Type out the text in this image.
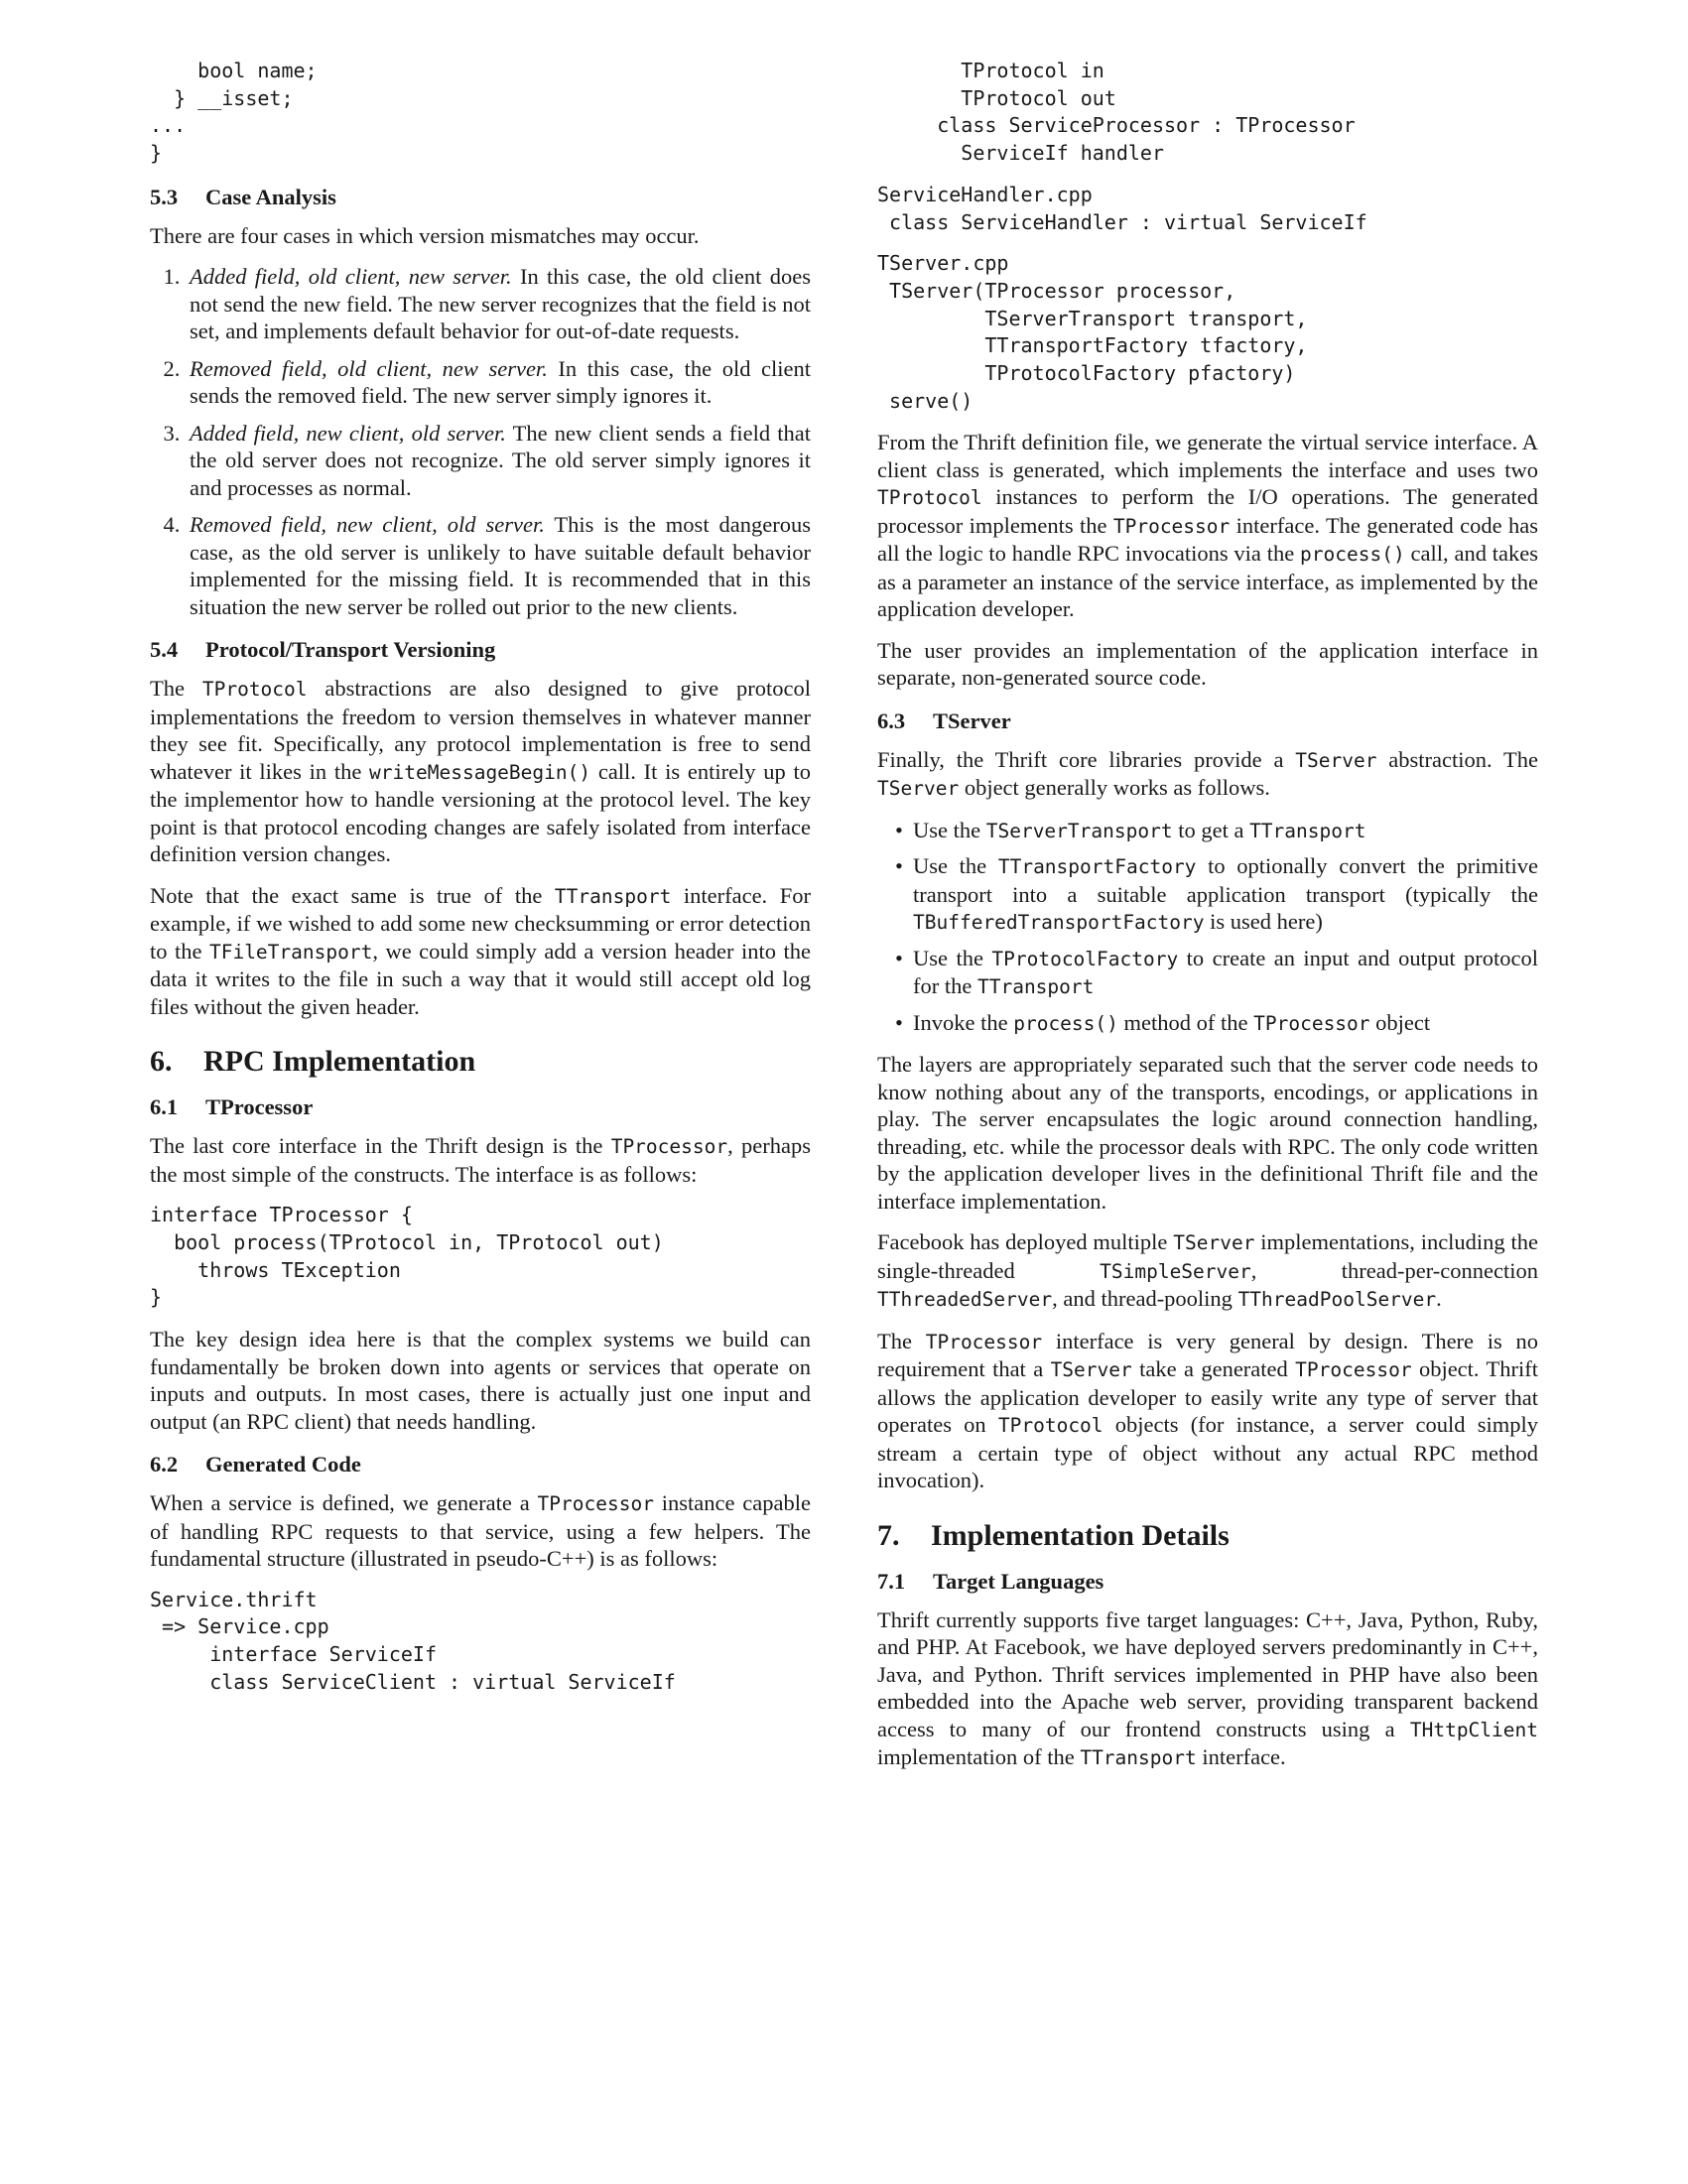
bool name;
} __isset;
...
}
5.3 Case Analysis

There are four cases in which version mismatches may occur.

1. Added field, old client, new server. In this case, the old client does not send the new field. The new server recognizes that the field is not set, and implements default behavior for out-of-date requests.
2. Removed field, old client, new server. In this case, the old client sends the removed field. The new server simply ignores it.
3. Added field, new client, old server. The new client sends a field that the old server does not recognize. The old server simply ignores it and processes as normal.
4. Removed field, new client, old server. This is the most dangerous case, as the old server is unlikely to have suitable default behavior implemented for the missing field. It is recommended that in this situation the new server be rolled out prior to the new clients.
5.4 Protocol/Transport Versioning

The TProtocol abstractions are also designed to give protocol implementations the freedom to version themselves in whatever manner they see fit. Specifically, any protocol implementation is free to send whatever it likes in the writeMessageBegin() call. It is entirely up to the implementor how to handle versioning at the protocol level. The key point is that protocol encoding changes are safely isolated from interface definition version changes.

Note that the exact same is true of the TTransport interface. For example, if we wished to add some new checksumming or error detection to the TFileTransport, we could simply add a version header into the data it writes to the file in such a way that it would still accept old log files without the given header.

6. RPC Implementation
6.1 TProcessor

The last core interface in the Thrift design is the TProcessor, perhaps the most simple of the constructs. The interface is as follows:

interface TProcessor {
bool process(TProtocol in, TProtocol out)
throws TException
}

The key design idea here is that the complex systems we build can fundamentally be broken down into agents or services that operate on inputs and outputs. In most cases, there is actually just one input and output (an RPC client) that needs handling.

6.2 Generated Code

When a service is defined, we generate a TProcessor instance capable of handling RPC requests to that service, using a few helpers. The fundamental structure (illustrated in pseudo-C++) is as follows:

Service.thrift
=> Service.cpp
interface ServiceIf
class ServiceClient : virtual ServiceIf
TProtocol in
TProtocol out
class ServiceProcessor : TProcessor
ServiceIf handler
ServiceHandler.cpp
class ServiceHandler : virtual ServiceIf
TServer.cpp
TServer(TProcessor processor,
TServerTransport transport,
TTransportFactory tfactory,
TProtocolFactory pfactory)
serve()

From the Thrift definition file, we generate the virtual service interface. A client class is generated, which implements the interface and uses two TProtocol instances to perform the I/O operations. The generated processor implements the TProcessor interface. The generated code has all the logic to handle RPC invocations via the process() call, and takes as a parameter an instance of the service interface, as implemented by the application developer.

The user provides an implementation of the application interface in separate, non-generated source code.

6.3 TServer

Finally, the Thrift core libraries provide a TServer abstraction. The TServer object generally works as follows.

• Use the TServerTransport to get a TTransport
• Use the TTransportFactory to optionally convert the primitive transport into a suitable application transport (typically the TBufferedTransportFactory is used here)
• Use the TProtocolFactory to create an input and output protocol for the TTransport
• Invoke the process() method of the TProcessor object

The layers are appropriately separated such that the server code needs to know nothing about any of the transports, encodings, or applications in play. The server encapsulates the logic around connection handling, threading, etc. while the processor deals with RPC. The only code written by the application developer lives in the definitional Thrift file and the interface implementation.

Facebook has deployed multiple TServer implementations, including the single-threaded TSimpleServer, thread-per-connection TThreadedServer, and thread-pooling TThreadPoolServer.

The TProcessor interface is very general by design. There is no requirement that a TServer take a generated TProcessor object. Thrift allows the application developer to easily write any type of server that operates on TProtocol objects (for instance, a server could simply stream a certain type of object without any actual RPC method invocation).

7. Implementation Details
7.1 Target Languages

Thrift currently supports five target languages: C++, Java, Python, Ruby, and PHP. At Facebook, we have deployed servers predominantly in C++, Java, and Python. Thrift services implemented in PHP have also been embedded into the Apache web server, providing transparent backend access to many of our frontend constructs using a THttpClient implementation of the TTransport interface.
